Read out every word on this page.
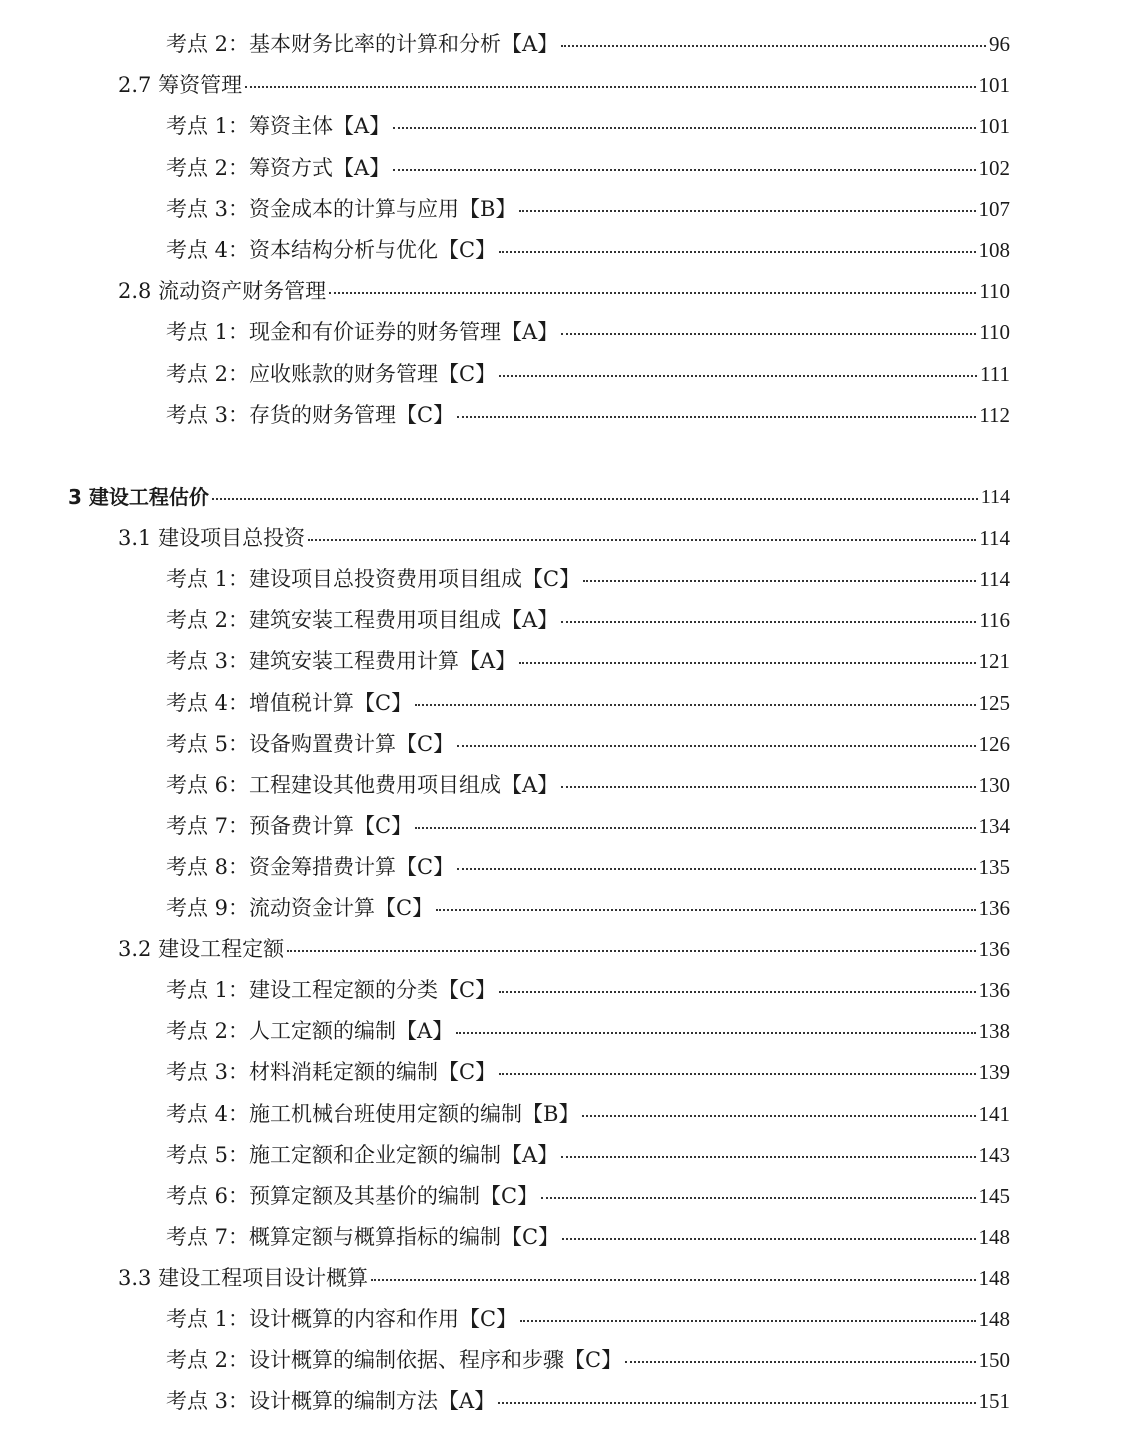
考点 2：基本财务比率的计算和分析【A】	96
2.7 筹资管理	101
考点 1：筹资主体【A】	101
考点 2：筹资方式【A】	102
考点 3：资金成本的计算与应用【B】	107
考点 4：资本结构分析与优化【C】	108
2.8 流动资产财务管理	110
考点 1：现金和有价证券的财务管理【A】	110
考点 2：应收账款的财务管理【C】	111
考点 3：存货的财务管理【C】	112
3 建设工程估价	114
3.1 建设项目总投资	114
考点 1：建设项目总投资费用项目组成【C】	114
考点 2：建筑安装工程费用项目组成【A】	116
考点 3：建筑安装工程费用计算【A】	121
考点 4：增值税计算【C】	125
考点 5：设备购置费计算【C】	126
考点 6：工程建设其他费用项目组成【A】	130
考点 7：预备费计算【C】	134
考点 8：资金筹措费计算【C】	135
考点 9：流动资金计算【C】	136
3.2 建设工程定额	136
考点 1：建设工程定额的分类【C】	136
考点 2：人工定额的编制【A】	138
考点 3：材料消耗定额的编制【C】	139
考点 4：施工机械台班使用定额的编制【B】	141
考点 5：施工定额和企业定额的编制【A】	143
考点 6：预算定额及其基价的编制【C】	145
考点 7：概算定额与概算指标的编制【C】	148
3.3 建设工程项目设计概算	148
考点 1：设计概算的内容和作用【C】	148
考点 2：设计概算的编制依据、程序和步骤【C】	150
考点 3：设计概算的编制方法【A】	151
